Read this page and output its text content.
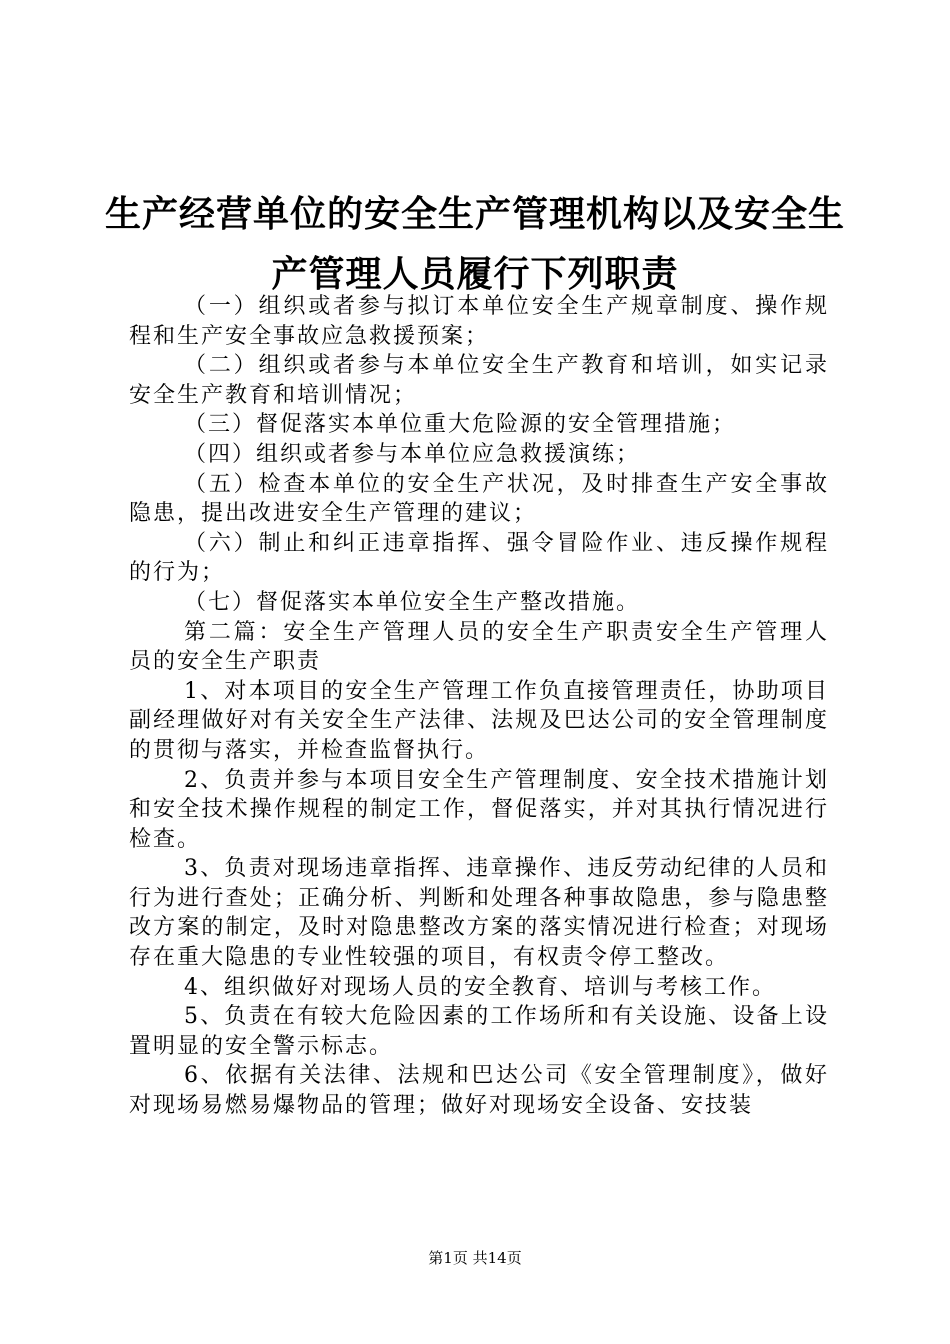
生产经营单位的安全生产管理机构以及安全生
产管理人员履行下列职责

（一）组织或者参与拟订本单位安全生产规章制度、操作规程和生产安全事故应急救援预案；

（二）组织或者参与本单位安全生产教育和培训，如实记录安全生产教育和培训情况；

（三）督促落实本单位重大危险源的安全管理措施；

（四）组织或者参与本单位应急救援演练；

（五）检查本单位的安全生产状况，及时排查生产安全事故隐患，提出改进安全生产管理的建议；

（六）制止和纠正违章指挥、强令冒险作业、违反操作规程的行为；

（七）督促落实本单位安全生产整改措施。

第二篇：安全生产管理人员的安全生产职责安全生产管理人员的安全生产职责

1、对本项目的安全生产管理工作负直接管理责任，协助项目副经理做好对有关安全生产法律、法规及巴达公司的安全管理制度的贯彻与落实，并检查监督执行。

2、负责并参与本项目安全生产管理制度、安全技术措施计划和安全技术操作规程的制定工作，督促落实，并对其执行情况进行检查。

3、负责对现场违章指挥、违章操作、违反劳动纪律的人员和行为进行查处；正确分析、判断和处理各种事故隐患，参与隐患整改方案的制定，及时对隐患整改方案的落实情况进行检查；对现场存在重大隐患的专业性较强的项目，有权责令停工整改。

4、组织做好对现场人员的安全教育、培训与考核工作。

5、负责在有较大危险因素的工作场所和有关设施、设备上设置明显的安全警示标志。

6、依据有关法律、法规和巴达公司《安全管理制度》，做好对现场易燃易爆物品的管理；做好对现场安全设备、安技装

第1页 共14页
